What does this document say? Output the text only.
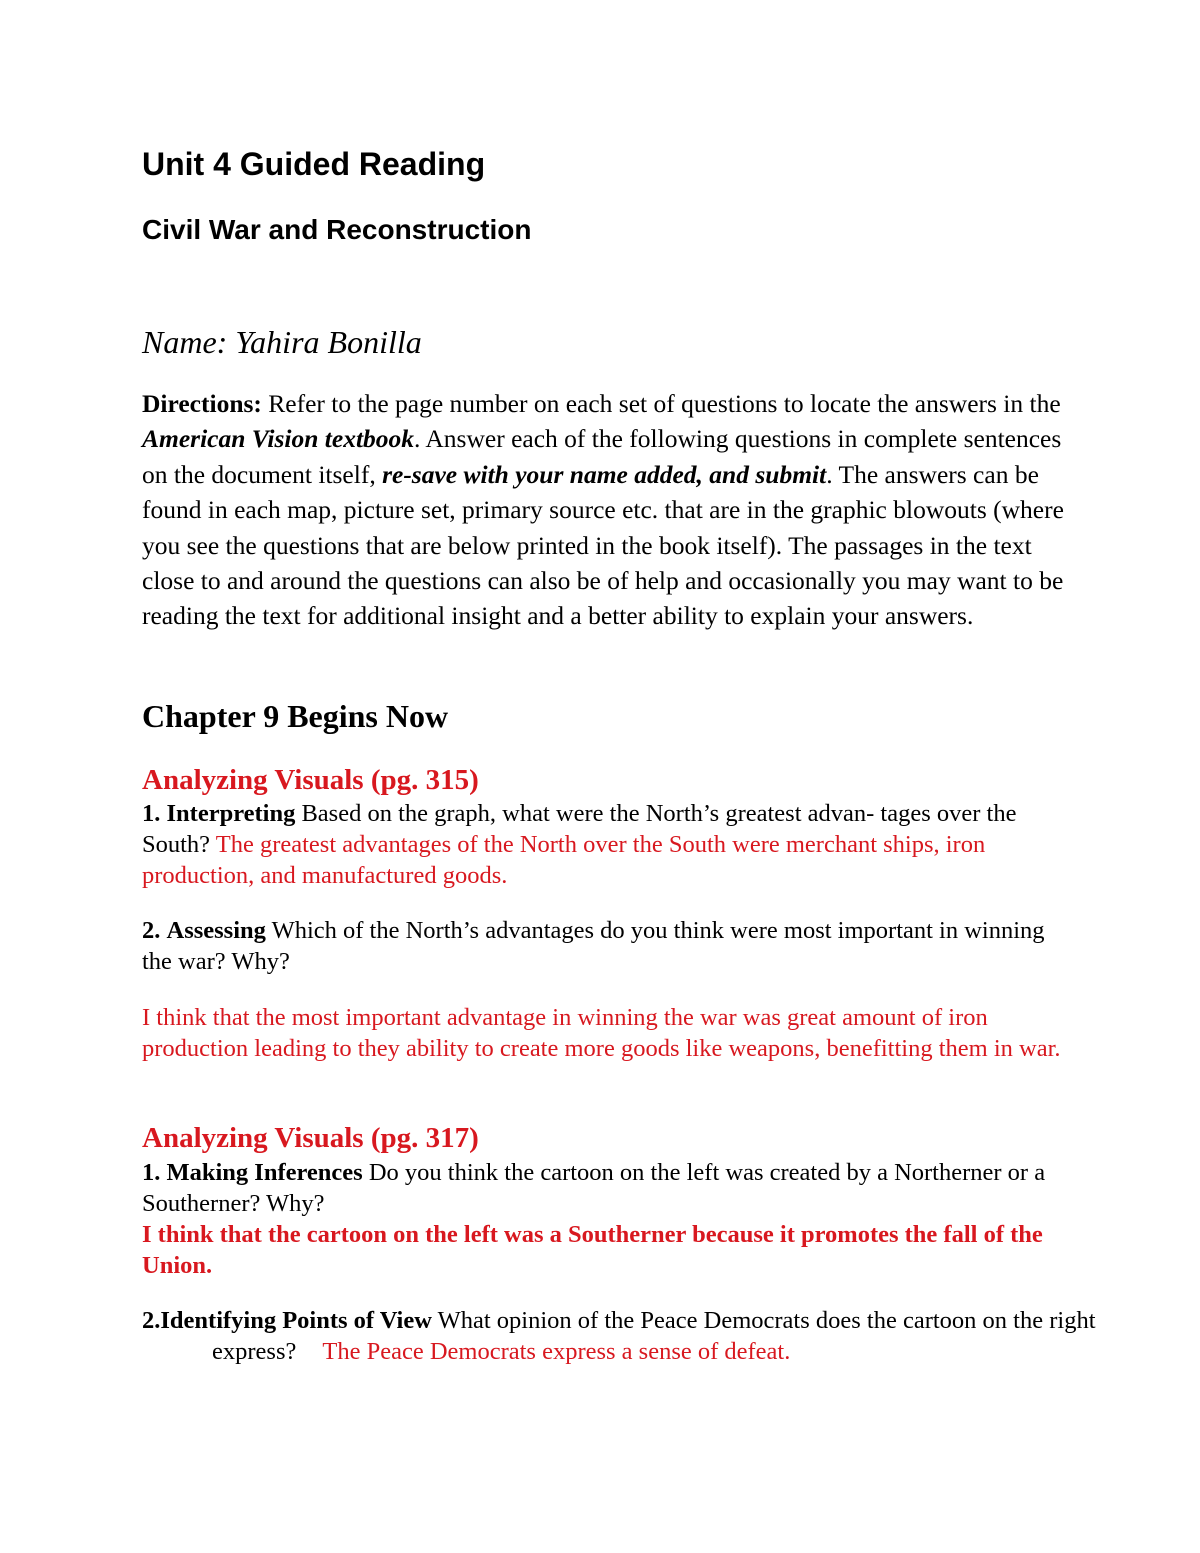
Unit 4 Guided Reading
Civil War and Reconstruction

Name: Yahira Bonilla

Directions: Refer to the page number on each set of questions to locate the answers in the American Vision textbook. Answer each of the following questions in complete sentences on the document itself, re-save with your name added, and submit. The answers can be found in each map, picture set, primary source etc. that are in the graphic blowouts (where you see the questions that are below printed in the book itself). The passages in the text close to and around the questions can also be of help and occasionally you may want to be reading the text for additional insight and a better ability to explain your answers.

Chapter 9 Begins Now
Analyzing Visuals (pg. 315)

1. Interpreting Based on the graph, what were the North’s greatest advan- tages over the South? The greatest advantages of the North over the South were merchant ships, iron production, and manufactured goods.

2. Assessing Which of the North’s advantages do you think were most important in winning the war? Why?

I think that the most important advantage in winning the war was great amount of iron production leading to they ability to create more goods like weapons, benefitting them in war.

Analyzing Visuals (pg. 317)

1. Making Inferences Do you think the cartoon on the left was created by a Northerner or a Southerner? Why?
I think that the cartoon on the left was a Southerner because it promotes the fall of the Union.

2.Identifying Points of View What opinion of the Peace Democrats does the cartoon on the right express? The Peace Democrats express a sense of defeat.
